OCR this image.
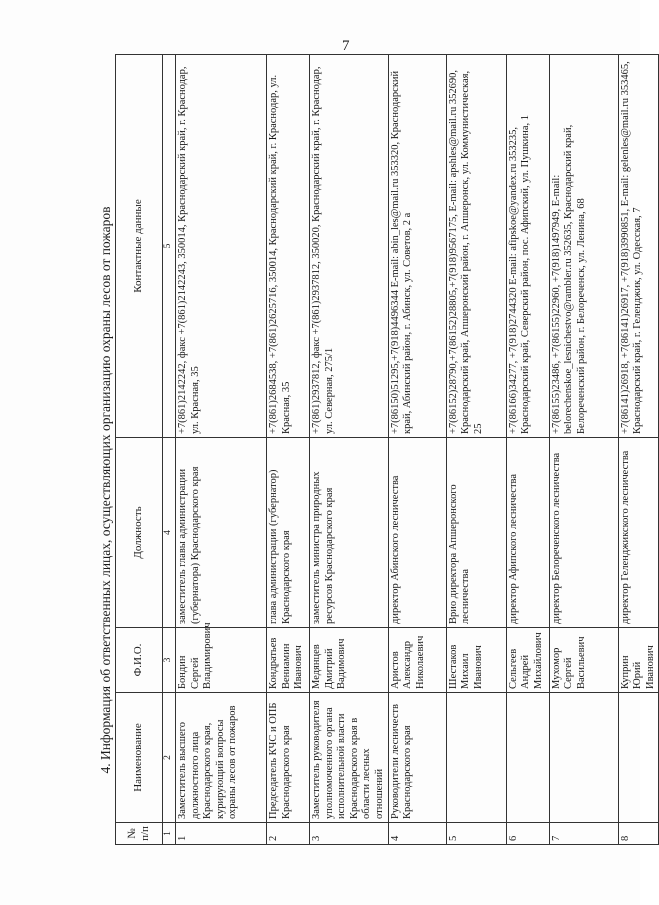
7
4. Информация об ответственных лицах, осуществляющих организацию охраны лесов от пожаров
№ п/п	Наименование	Ф.И.О.	Должность	Контактные данные
1	2	3	4	5
1	Заместитель высшего должностного лица Краснодарского края, курирующий вопросы охраны лесов от пожаров	Бондин Сергей Владимирович	заместитель главы администрации (губернатора) Краснодарского края	+7(861)2142242, факс +7(861)2142243, 350014, Краснодарский край, г. Краснодар, ул. Красная, 35
2	Председатель КЧС и ОПБ Краснодарского края	Кондратьев Вениамин Иванович	глава администрации (губернатор) Краснодарского края	+7(861)2684538, +7(861)2625716, 350014, Краснодарский край, г. Краснодар, ул. Красная, 35
3	Заместитель руководителя уполномоченного органа исполнительной власти Краснодарского края в области лесных отношений	Медянцев Дмитрий Вадимович	заместитель министра природных ресурсов Краснодарского края	+7(861)2937812, факс +7(861)2937812, 350020, Краснодарский край, г. Краснодар, ул. Северная, 275/1
4	Руководители лесничеств Краснодарского края	Аристов Александр Николаевич	директор Абинского лесничества	+7(86150)51295,+7(918)4496344 E-mail: abin_les@mail.ru 353320, Краснодарский край, Абинский район, г. Абинск, ул. Советов, 2 а
5		Шестаков Михаил Иванович	Врио директора Апшеронского лесничества	+7(86152)28790,+7(86152)28805,+7(918)9567175, E-mail: apshles@mail.ru 352690, Краснодарский край, Апшеронский район, г. Апшеронск, ул. Коммунистическая, 25
6		Сельгеев Андрей Михайлович	директор Афипского лесничества	+7(86166)34277, +7(918)2744320 E-mail: afipskoe@yandex.ru 353235, Краснодарский край, Северский район, пос. Афипский, ул. Пушкина, 1
7		Мухомор Сергей Васильевич	директор Белореченского лесничества	+7(86155)23486, +7(86155)22960, +7(918)1497949, E-mail: belorechenskoe_lesnichestvo@rambler.ru 352635, Краснодарский край, Белореченский район, г. Белореченск, ул. Ленина, 68
8		Куприн Юрий Иванович	директор Геленджикского лесничества	+7(86141)26918, +7(86141)26917, +7(918)3990851, E-mail: gelenles@mail.ru 353465, Краснодарский край, г. Геленджик, ул. Одесская, 7
